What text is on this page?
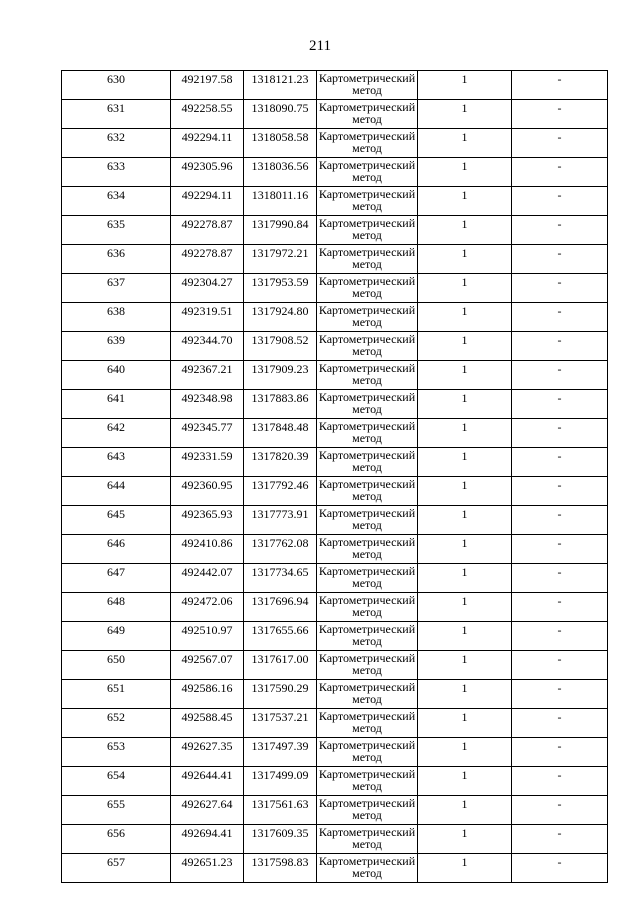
211
630	492197.58	1318121.23	Картометрический метод	1	-
631	492258.55	1318090.75	Картометрический метод	1	-
632	492294.11	1318058.58	Картометрический метод	1	-
633	492305.96	1318036.56	Картометрический метод	1	-
634	492294.11	1318011.16	Картометрический метод	1	-
635	492278.87	1317990.84	Картометрический метод	1	-
636	492278.87	1317972.21	Картометрический метод	1	-
637	492304.27	1317953.59	Картометрический метод	1	-
638	492319.51	1317924.80	Картометрический метод	1	-
639	492344.70	1317908.52	Картометрический метод	1	-
640	492367.21	1317909.23	Картометрический метод	1	-
641	492348.98	1317883.86	Картометрический метод	1	-
642	492345.77	1317848.48	Картометрический метод	1	-
643	492331.59	1317820.39	Картометрический метод	1	-
644	492360.95	1317792.46	Картометрический метод	1	-
645	492365.93	1317773.91	Картометрический метод	1	-
646	492410.86	1317762.08	Картометрический метод	1	-
647	492442.07	1317734.65	Картометрический метод	1	-
648	492472.06	1317696.94	Картометрический метод	1	-
649	492510.97	1317655.66	Картометрический метод	1	-
650	492567.07	1317617.00	Картометрический метод	1	-
651	492586.16	1317590.29	Картометрический метод	1	-
652	492588.45	1317537.21	Картометрический метод	1	-
653	492627.35	1317497.39	Картометрический метод	1	-
654	492644.41	1317499.09	Картометрический метод	1	-
655	492627.64	1317561.63	Картометрический метод	1	-
656	492694.41	1317609.35	Картометрический метод	1	-
657	492651.23	1317598.83	Картометрический метод	1	-
